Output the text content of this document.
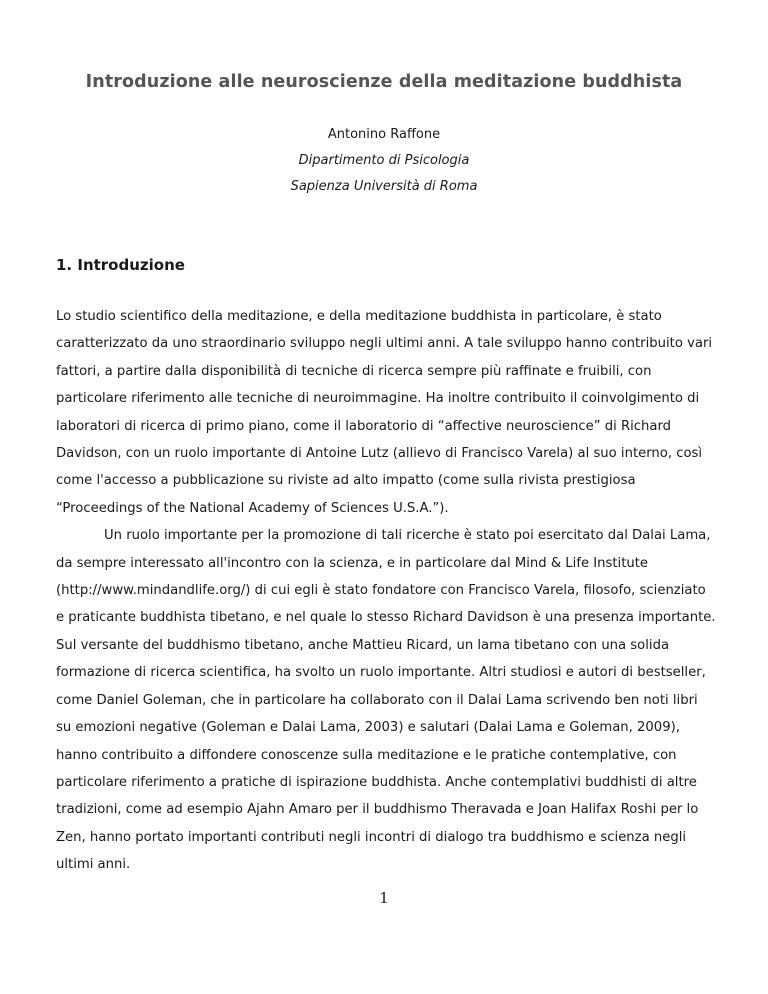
Introduzione alle neuroscienze della meditazione buddhista
Antonino Raffone
Dipartimento di Psicologia
Sapienza Università di Roma
1. Introduzione

Lo studio scientifico della meditazione, e della meditazione buddhista in particolare, è stato caratterizzato da uno straordinario sviluppo negli ultimi anni. A tale sviluppo hanno contribuito vari fattori, a partire dalla disponibilità di tecniche di ricerca sempre più raffinate e fruibili, con particolare riferimento alle tecniche di neuroimmagine. Ha inoltre contribuito il coinvolgimento di laboratori di ricerca di primo piano, come il laboratorio di “affective neuroscience” di Richard Davidson, con un ruolo importante di Antoine Lutz (allievo di Francisco Varela) al suo interno, così come l'accesso a pubblicazione su riviste ad alto impatto (come sulla rivista prestigiosa “Proceedings of the National Academy of Sciences U.S.A.”).

Un ruolo importante per la promozione di tali ricerche è stato poi esercitato dal Dalai Lama, da sempre interessato all'incontro con la scienza, e in particolare dal Mind & Life Institute (http://www.mindandlife.org/) di cui egli è stato fondatore con Francisco Varela, filosofo, scienziato e praticante buddhista tibetano, e nel quale lo stesso Richard Davidson è una presenza importante. Sul versante del buddhismo tibetano, anche Mattieu Ricard, un lama tibetano con una solida formazione di ricerca scientifica, ha svolto un ruolo importante. Altri studiosi e autori di bestseller, come Daniel Goleman, che in particolare ha collaborato con il Dalai Lama scrivendo ben noti libri su emozioni negative (Goleman e Dalai Lama, 2003) e salutari (Dalai Lama e Goleman, 2009), hanno contribuito a diffondere conoscenze sulla meditazione e le pratiche contemplative, con particolare riferimento a pratiche di ispirazione buddhista. Anche contemplativi buddhisti di altre tradizioni, come ad esempio Ajahn Amaro per il buddhismo Theravada e Joan Halifax Roshi per lo Zen, hanno portato importanti contributi negli incontri di dialogo tra buddhismo e scienza negli ultimi anni.

1
